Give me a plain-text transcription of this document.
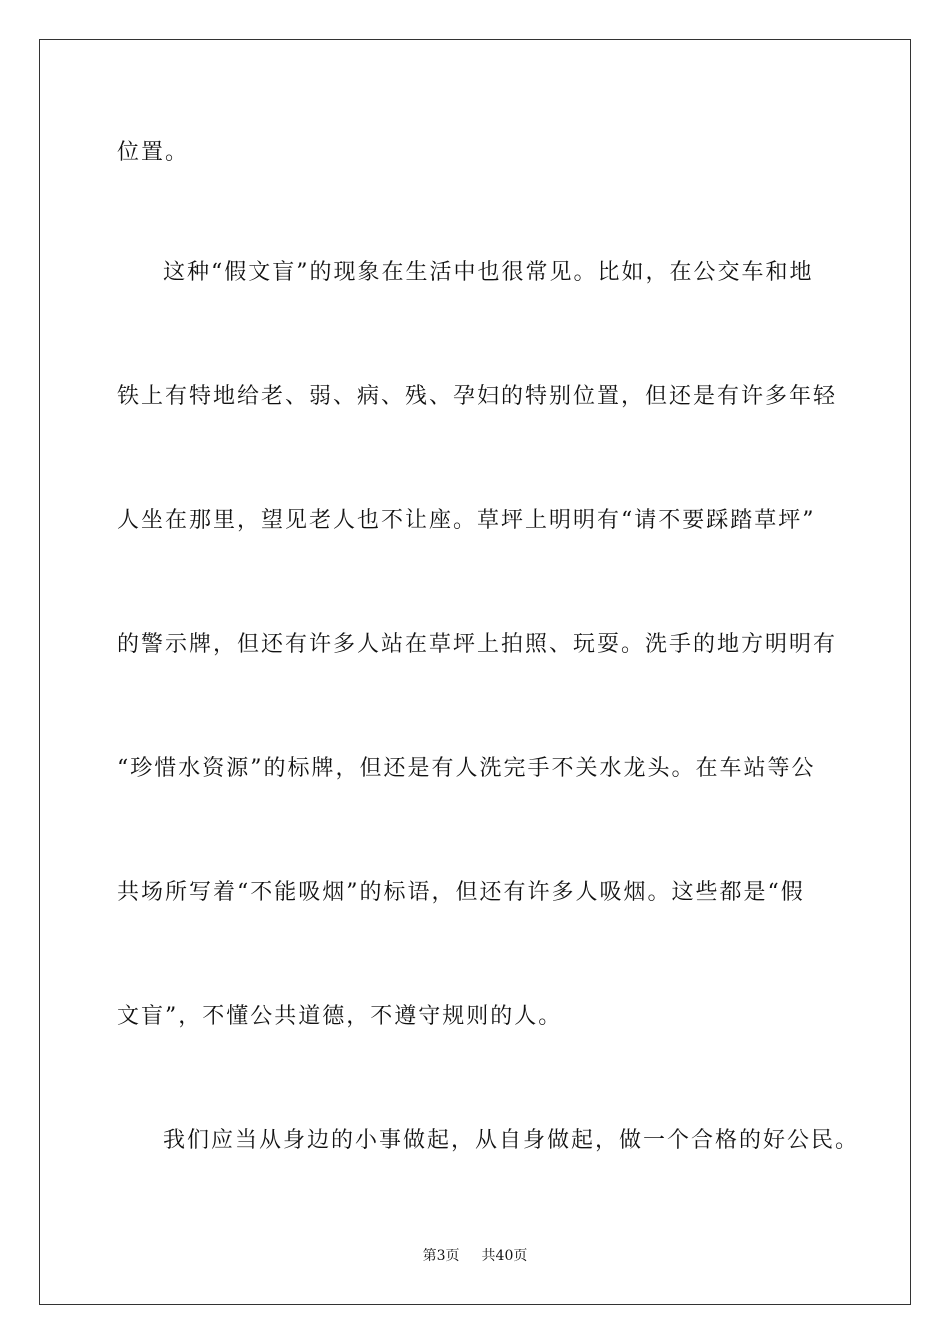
位置。
这种“假文盲”的现象在生活中也很常见。比如，在公交车和地
铁上有特地给老、弱、病、残、孕妇的特别位置，但还是有许多年轻
人坐在那里，望见老人也不让座。草坪上明明有“请不要踩踏草坪”
的警示牌，但还有许多人站在草坪上拍照、玩耍。洗手的地方明明有
“珍惜水资源”的标牌，但还是有人洗完手不关水龙头。在车站等公
共场所写着“不能吸烟”的标语，但还有许多人吸烟。这些都是“假
文盲”，不懂公共道德，不遵守规则的人。
我们应当从身边的小事做起，从自身做起，做一个合格的好公民。
第3页 共40页
